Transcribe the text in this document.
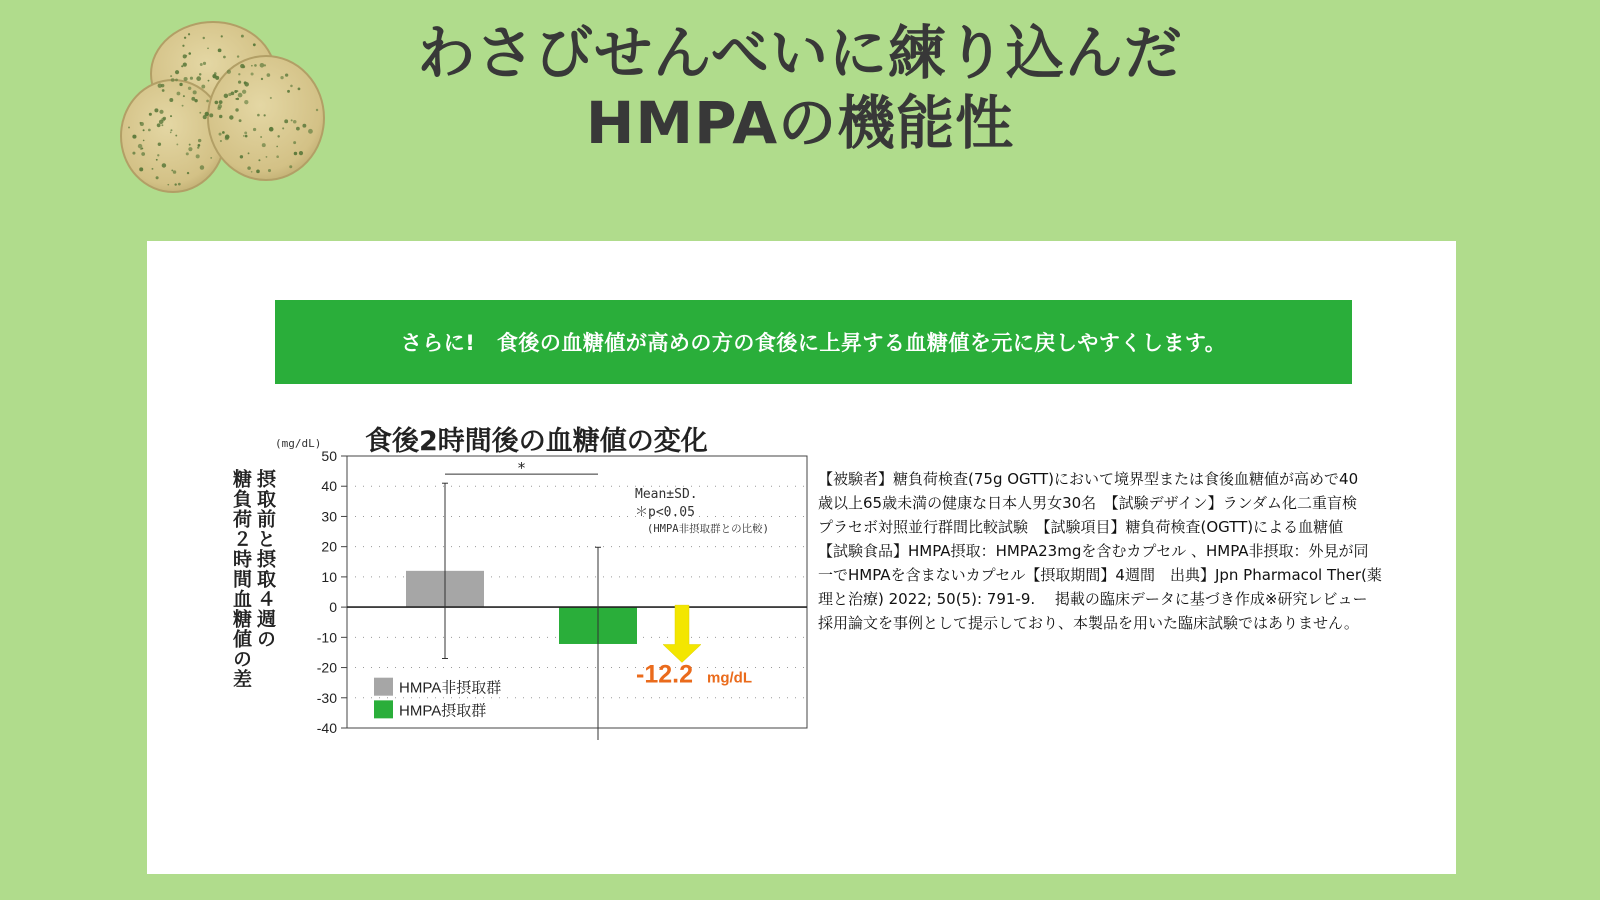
わさびせんべいに練り込んだ
HMPAの機能性
さらに!　食後の血糖値が高めの方の食後に上昇する血糖値を元に戻しやすくします。
食後2時間後の血糖値の変化
(mg/dL)
摂取前と摂取４週の
糖負荷２時間血糖値の差
50
40
30
20
10
0
-10
-20
-30
-40
*
Mean±SD.
＊p<0.05
(HMPA非摂取群との比較)
-12.2 mg/dL
HMPA非摂取群
HMPA摂取群
【被験者】糖負荷検査(75g OGTT)において境界型または食後血糖値が高めで40
歳以上65歳未満の健康な日本人男女30名　【試験デザイン】ランダム化二重盲検
プラセボ対照並行群間比較試験　【試験項目】糖負荷検査(OGTT)による血糖値
【試験食品】HMPA摂取：HMPA23mgを含むカプセル 、HMPA非摂取：外見が同
一でHMPAを含まないカプセル【摂取期間】4週間　出典】Jpn Pharmacol Ther(薬
理と治療) 2022; 50(5): 791-9.　 掲載の臨床データに基づき作成※研究レビュー
採用論文を事例として提示しており、本製品を用いた臨床試験ではありません。
